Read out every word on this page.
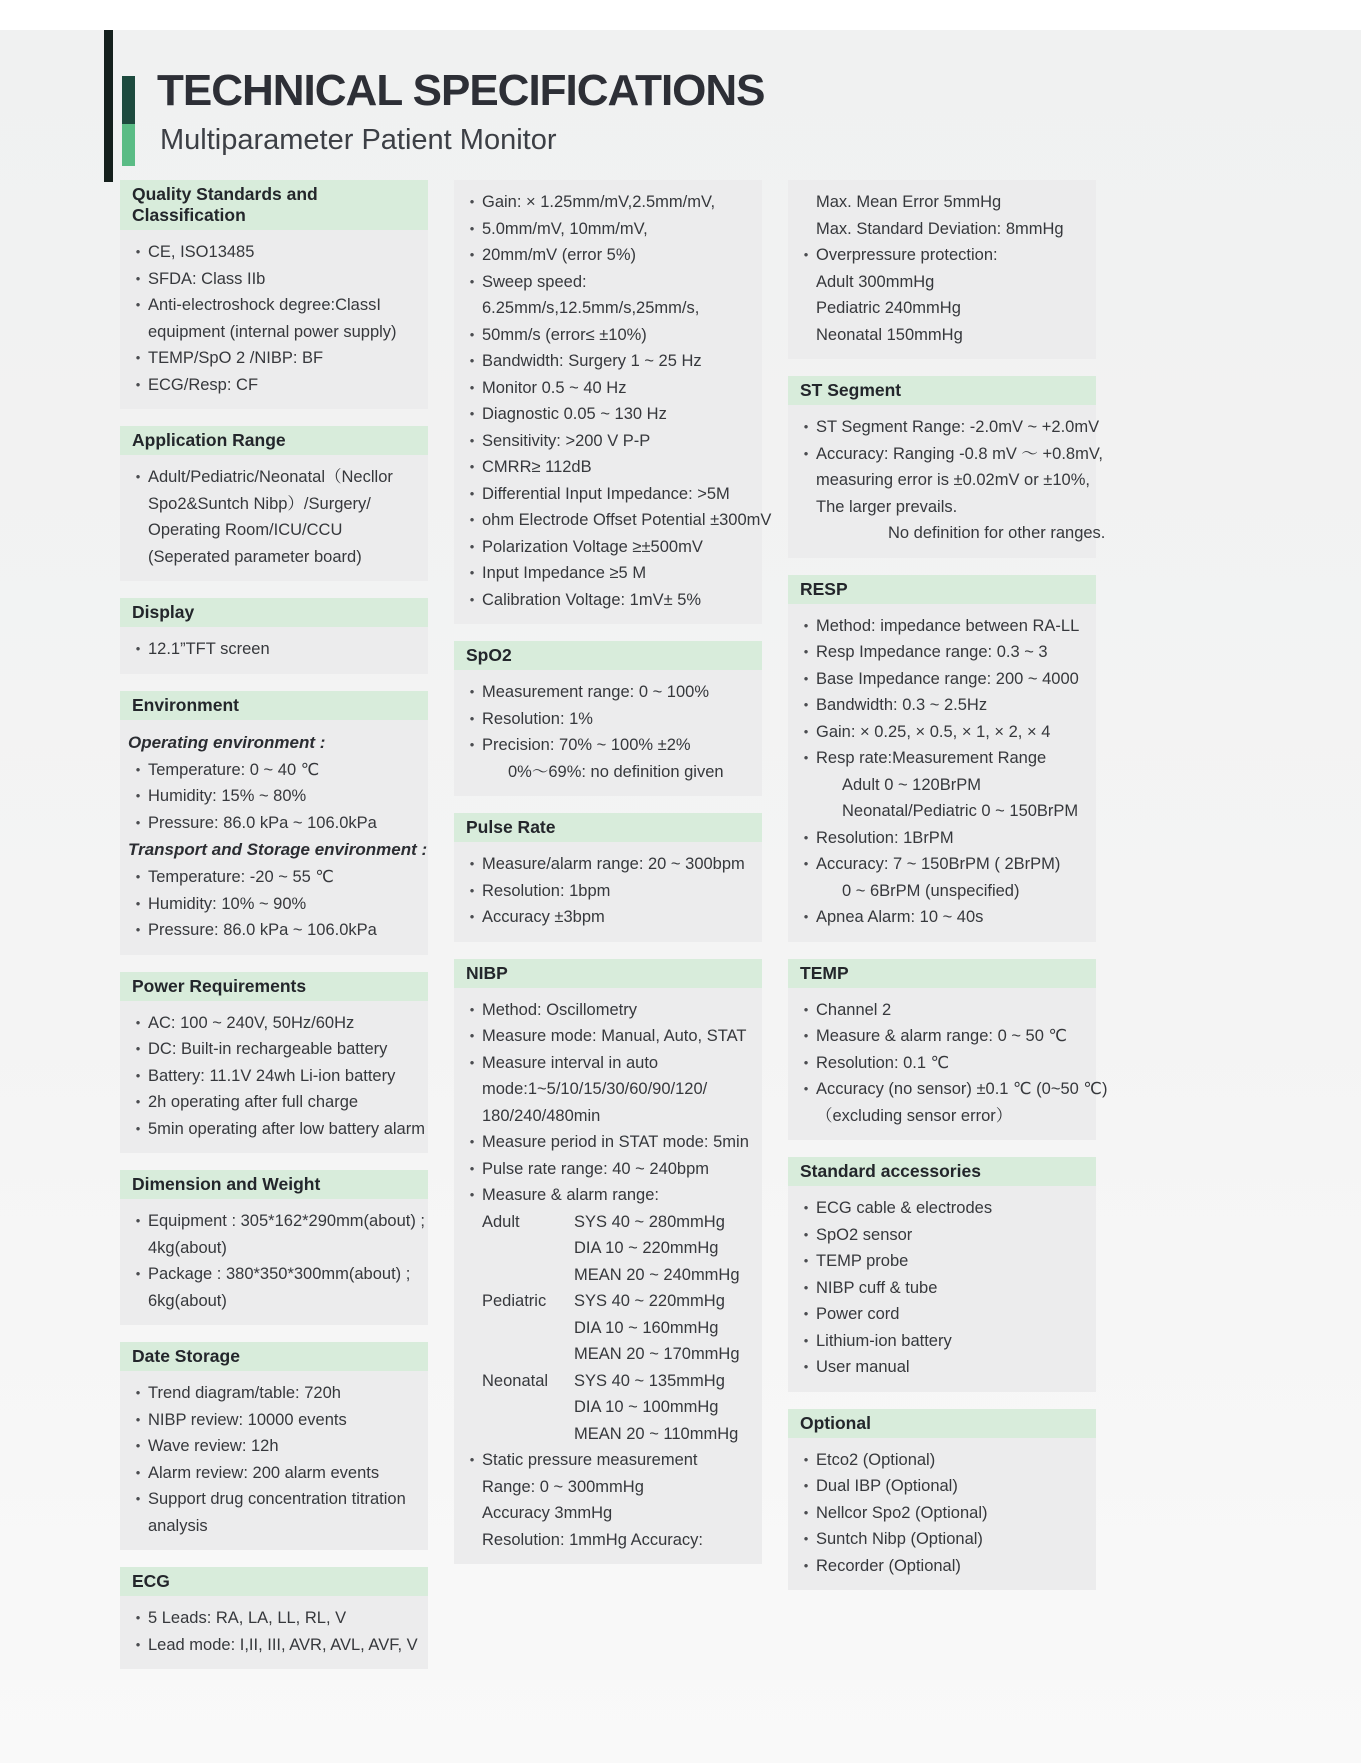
TECHNICAL SPECIFICATIONS
Multiparameter Patient Monitor
Quality Standards and Classification
• CE, ISO13485
• SFDA: Class IIb
• Anti-electroshock degree:ClassI
equipment (internal power supply)
• TEMP/SpO 2 /NIBP: BF
• ECG/Resp: CF
Application Range
• Adult/Pediatric/Neonatal（Necllor
Spo2&Suntch Nibp）/Surgery/
Operating Room/ICU/CCU
(Seperated parameter board)
Display
• 12.1”TFT screen
Environment
Operating environment :
• Temperature: 0 ~ 40 ℃
• Humidity: 15% ~ 80%
• Pressure: 86.0 kPa ~ 106.0kPa
Transport and Storage environment :
• Temperature: -20 ~ 55 ℃
• Humidity: 10% ~ 90%
• Pressure: 86.0 kPa ~ 106.0kPa
Power Requirements
• AC: 100 ~ 240V, 50Hz/60Hz
• DC: Built-in rechargeable battery
• Battery: 11.1V 24wh Li-ion battery
• 2h operating after full charge
• 5min operating after low battery alarm
Dimension and Weight
• Equipment : 305*162*290mm(about) ;
4kg(about)
• Package : 380*350*300mm(about) ;
6kg(about)
Date Storage
• Trend diagram/table: 720h
• NIBP review: 10000 events
• Wave review: 12h
• Alarm review: 200 alarm events
• Support drug concentration titration
analysis
ECG
• 5 Leads: RA, LA, LL, RL, V
• Lead mode: I,II, III, AVR, AVL, AVF, V
• Gain: × 1.25mm/mV,2.5mm/mV,
• 5.0mm/mV, 10mm/mV,
• 20mm/mV (error 5%)
• Sweep speed:
6.25mm/s,12.5mm/s,25mm/s,
• 50mm/s (error≤ ±10%)
• Bandwidth: Surgery 1 ~ 25 Hz
• Monitor 0.5 ~ 40 Hz
• Diagnostic 0.05 ~ 130 Hz
• Sensitivity: >200 V P-P
• CMRR≥ 112dB
• Differential Input Impedance: >5M
• ohm Electrode Offset Potential ±300mV
• Polarization Voltage ≥±500mV
• Input Impedance ≥5 M
• Calibration Voltage: 1mV± 5%
SpO2
• Measurement range: 0 ~ 100%
• Resolution: 1%
• Precision: 70% ~ 100% ±2%
0%～69%: no definition given
Pulse Rate
• Measure/alarm range: 20 ~ 300bpm
• Resolution: 1bpm
• Accuracy ±3bpm
NIBP
• Method: Oscillometry
• Measure mode: Manual, Auto, STAT
• Measure interval in auto
mode:1~5/10/15/30/60/90/120/
180/240/480min
• Measure period in STAT mode: 5min
• Pulse rate range: 40 ~ 240bpm
• Measure & alarm range:
Adult	SYS 40 ~ 280mmHg
DIA 10 ~ 220mmHg
MEAN 20 ~ 240mmHg
Pediatric	SYS 40 ~ 220mmHg
DIA 10 ~ 160mmHg
MEAN 20 ~ 170mmHg
Neonatal	SYS 40 ~ 135mmHg
DIA 10 ~ 100mmHg
MEAN 20 ~ 110mmHg
• Static pressure measurement
Range: 0 ~ 300mmHg
Accuracy 3mmHg
Resolution: 1mmHg Accuracy:
Max. Mean Error 5mmHg
Max. Standard Deviation: 8mmHg
• Overpressure protection:
Adult 300mmHg
Pediatric 240mmHg
Neonatal 150mmHg
ST Segment
• ST Segment Range: -2.0mV ~ +2.0mV
• Accuracy: Ranging -0.8 mV ～ +0.8mV,
measuring error is ±0.02mV or ±10%,
The larger prevails.
No definition for other ranges.
RESP
• Method: impedance between RA-LL
• Resp Impedance range: 0.3 ~ 3
• Base Impedance range: 200 ~ 4000
• Bandwidth: 0.3 ~ 2.5Hz
• Gain: × 0.25, × 0.5, × 1, × 2, × 4
• Resp rate:Measurement Range
Adult 0 ~ 120BrPM
Neonatal/Pediatric 0 ~ 150BrPM
• Resolution: 1BrPM
• Accuracy: 7 ~ 150BrPM ( 2BrPM)
0 ~ 6BrPM (unspecified)
• Apnea Alarm: 10 ~ 40s
TEMP
• Channel 2
• Measure & alarm range: 0 ~ 50 ℃
• Resolution: 0.1 ℃
• Accuracy (no sensor) ±0.1 ℃ (0~50 ℃)
（excluding sensor error）
Standard accessories
• ECG cable & electrodes
• SpO2 sensor
• TEMP probe
• NIBP cuff & tube
• Power cord
• Lithium-ion battery
• User manual
Optional
• Etco2 (Optional)
• Dual IBP (Optional)
• Nellcor Spo2 (Optional)
• Suntch Nibp (Optional)
• Recorder (Optional)
